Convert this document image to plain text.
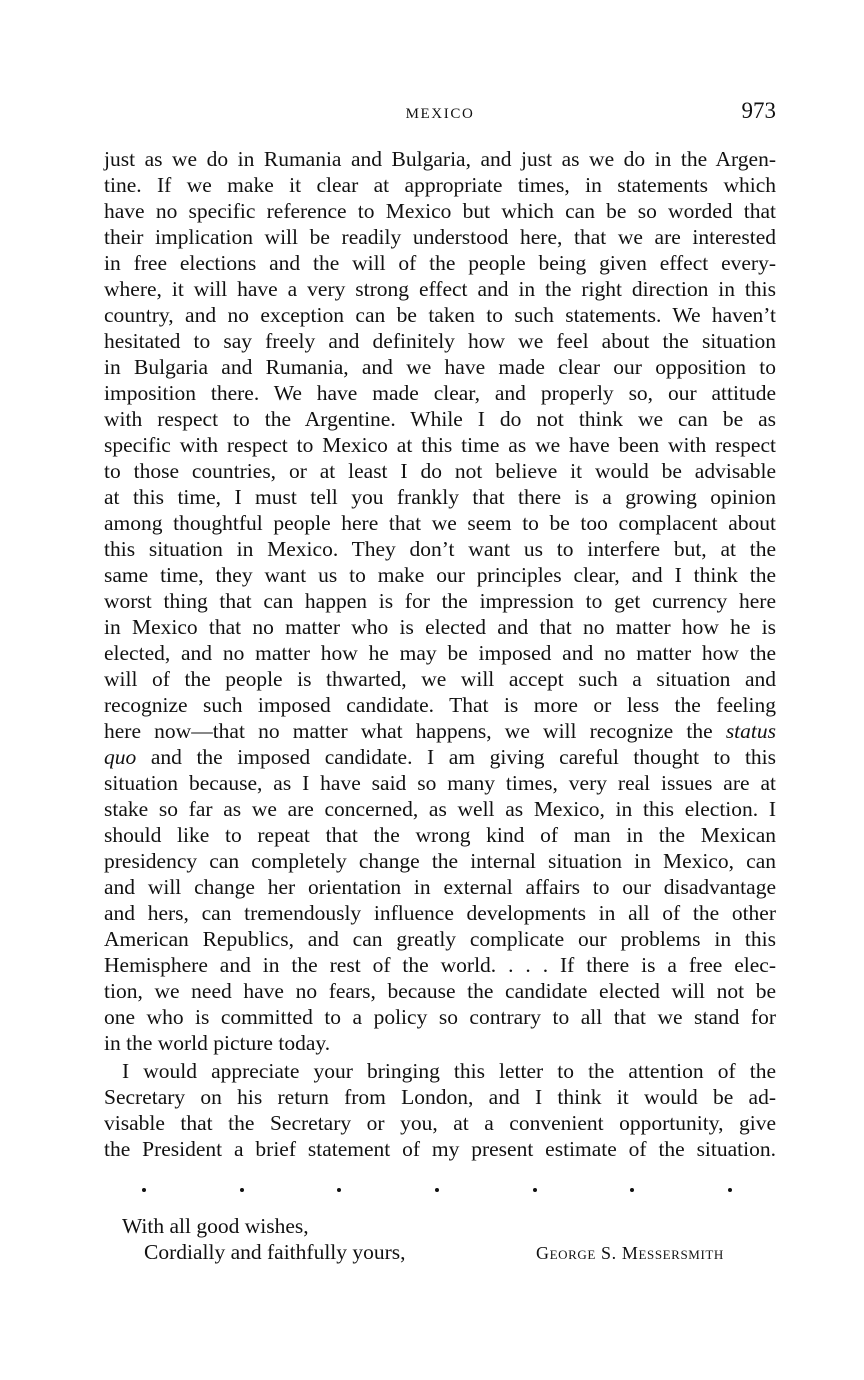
MEXICO	973
just as we do in Rumania and Bulgaria, and just as we do in the Argen-
tine. If we make it clear at appropriate times, in statements which
have no specific reference to Mexico but which can be so worded that
their implication will be readily understood here, that we are interested
in free elections and the will of the people being given effect every-
where, it will have a very strong effect and in the right direction in this
country, and no exception can be taken to such statements. We haven’t
hesitated to say freely and definitely how we feel about the situation
in Bulgaria and Rumania, and we have made clear our opposition to
imposition there. We have made clear, and properly so, our attitude
with respect to the Argentine. While I do not think we can be as
specific with respect to Mexico at this time as we have been with respect
to those countries, or at least I do not believe it would be advisable
at this time, I must tell you frankly that there is a growing opinion
among thoughtful people here that we seem to be too complacent about
this situation in Mexico. They don’t want us to interfere but, at the
same time, they want us to make our principles clear, and I think the
worst thing that can happen is for the impression to get currency here
in Mexico that no matter who is elected and that no matter how he is
elected, and no matter how he may be imposed and no matter how the
will of the people is thwarted, we will accept such a situation and
recognize such imposed candidate. That is more or less the feeling
here now—that no matter what happens, we will recognize the status
quo and the imposed candidate. I am giving careful thought to this
situation because, as I have said so many times, very real issues are at
stake so far as we are concerned, as well as Mexico, in this election. I
should like to repeat that the wrong kind of man in the Mexican
presidency can completely change the internal situation in Mexico, can
and will change her orientation in external affairs to our disadvantage
and hers, can tremendously influence developments in all of the other
American Republics, and can greatly complicate our problems in this
Hemisphere and in the rest of the world. . . . If there is a free elec-
tion, we need have no fears, because the candidate elected will not be
one who is committed to a policy so contrary to all that we stand for
in the world picture today.
I would appreciate your bringing this letter to the attention of the
Secretary on his return from London, and I think it would be ad-
visable that the Secretary or you, at a convenient opportunity, give
the President a brief statement of my present estimate of the situation.
With all good wishes,
Cordially and faithfully yours,	George S. Messersmith
